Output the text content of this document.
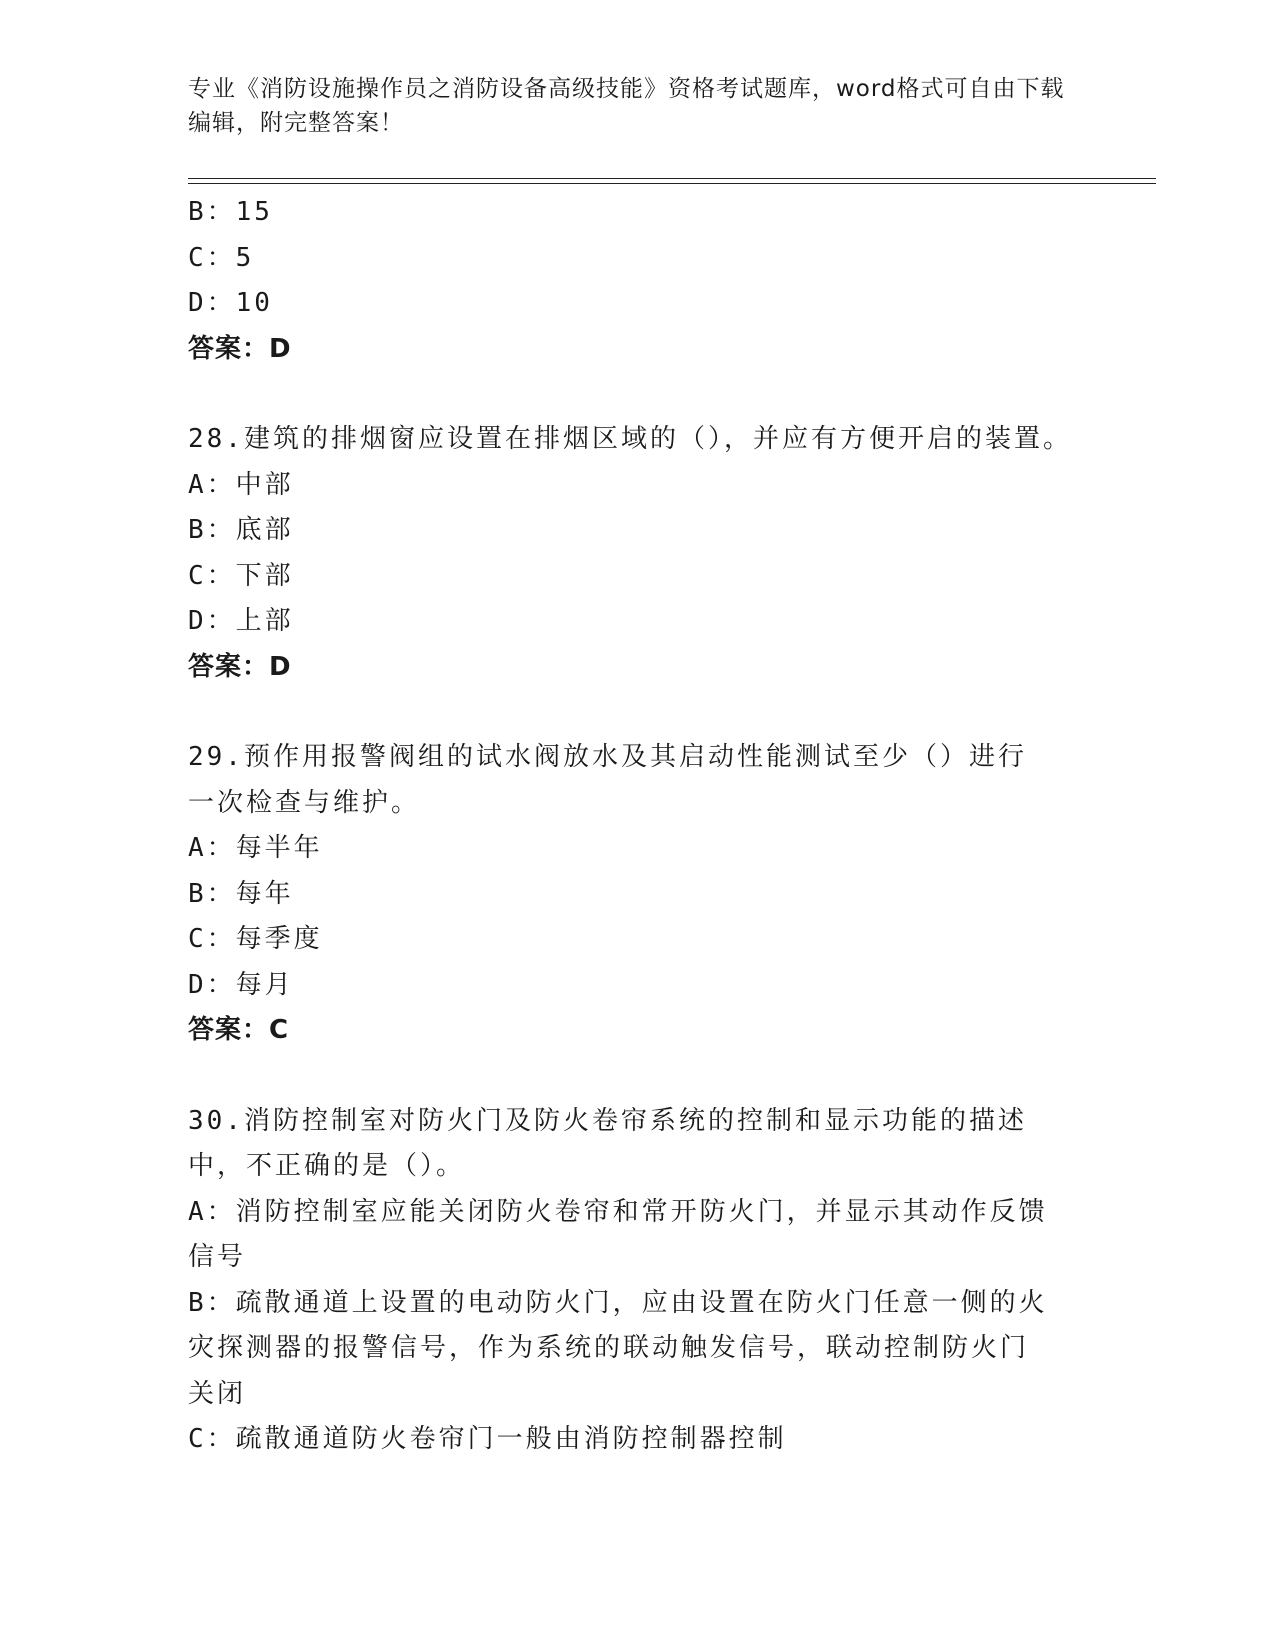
专业《消防设施操作员之消防设备高级技能》资格考试题库，word格式可自由下载编辑，附完整答案！
B：15
C：5
D：10
答案：D
28.建筑的排烟窗应设置在排烟区域的（），并应有方便开启的装置。
A：中部
B：底部
C：下部
D：上部
答案：D
29.预作用报警阀组的试水阀放水及其启动性能测试至少（）进行一次检查与维护。
A：每半年
B：每年
C：每季度
D：每月
答案：C
30.消防控制室对防火门及防火卷帘系统的控制和显示功能的描述中，不正确的是（）。
A：消防控制室应能关闭防火卷帘和常开防火门，并显示其动作反馈信号
B：疏散通道上设置的电动防火门，应由设置在防火门任意一侧的火灾探测器的报警信号，作为系统的联动触发信号，联动控制防火门关闭
C：疏散通道防火卷帘门一般由消防控制器控制
